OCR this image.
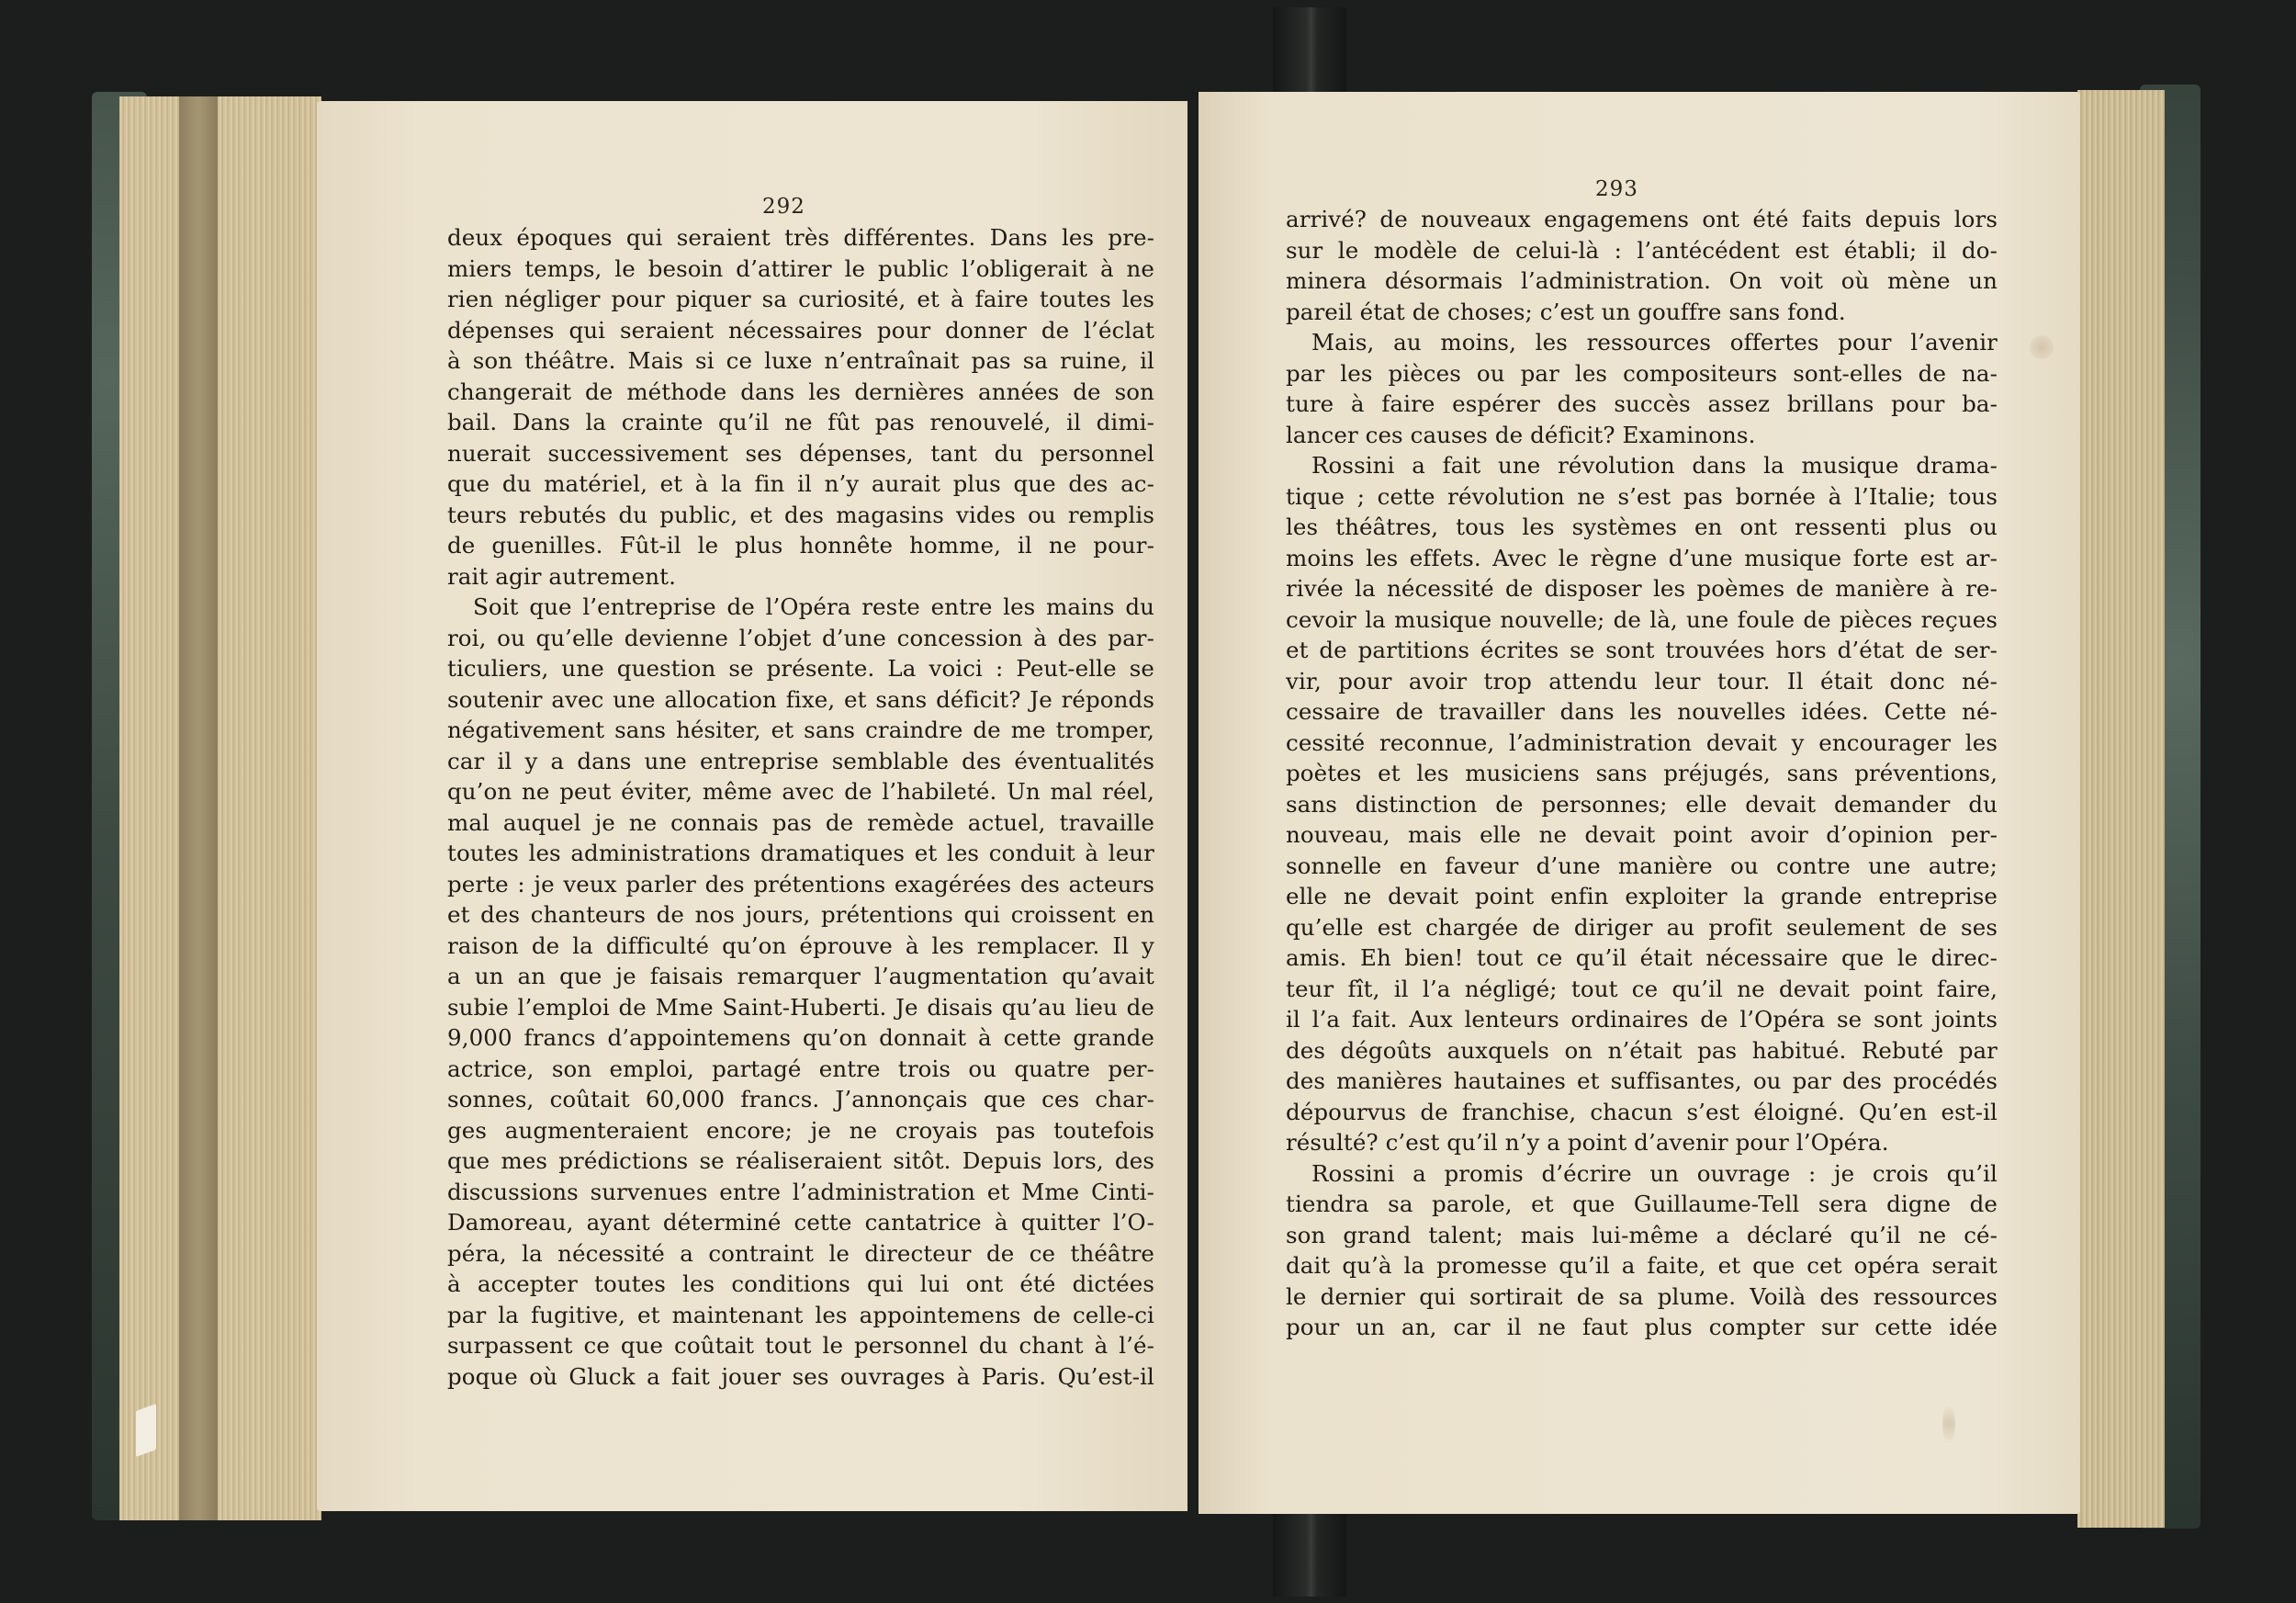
292
deux époques qui seraient très différentes. Dans les pre-
miers temps, le besoin d’attirer le public l’obligerait à ne
rien négliger pour piquer sa curiosité, et à faire toutes les
dépenses qui seraient nécessaires pour donner de l’éclat
à son théâtre. Mais si ce luxe n’entraînait pas sa ruine, il
changerait de méthode dans les dernières années de son
bail. Dans la crainte qu’il ne fût pas renouvelé, il dimi-
nuerait successivement ses dépenses, tant du personnel
que du matériel, et à la fin il n’y aurait plus que des ac-
teurs rebutés du public, et des magasins vides ou remplis
de guenilles. Fût-il le plus honnête homme, il ne pour-
rait agir autrement.
Soit que l’entreprise de l’Opéra reste entre les mains du
roi, ou qu’elle devienne l’objet d’une concession à des par-
ticuliers, une question se présente. La voici : Peut-elle se
soutenir avec une allocation fixe, et sans déficit? Je réponds
négativement sans hésiter, et sans craindre de me tromper,
car il y a dans une entreprise semblable des éventualités
qu’on ne peut éviter, même avec de l’habileté. Un mal réel,
mal auquel je ne connais pas de remède actuel, travaille
toutes les administrations dramatiques et les conduit à leur
perte : je veux parler des prétentions exagérées des acteurs
et des chanteurs de nos jours, prétentions qui croissent en
raison de la difficulté qu’on éprouve à les remplacer. Il y
a un an que je faisais remarquer l’augmentation qu’avait
subie l’emploi de Mme Saint-Huberti. Je disais qu’au lieu de
9,000 francs d’appointemens qu’on donnait à cette grande
actrice, son emploi, partagé entre trois ou quatre per-
sonnes, coûtait 60,000 francs. J’annonçais que ces char-
ges augmenteraient encore; je ne croyais pas toutefois
que mes prédictions se réaliseraient sitôt. Depuis lors, des
discussions survenues entre l’administration et Mme Cinti-
Damoreau, ayant déterminé cette cantatrice à quitter l’O-
péra, la nécessité a contraint le directeur de ce théâtre
à accepter toutes les conditions qui lui ont été dictées
par la fugitive, et maintenant les appointemens de celle-ci
surpassent ce que coûtait tout le personnel du chant à l’é-
poque où Gluck a fait jouer ses ouvrages à Paris. Qu’est-il
293
arrivé? de nouveaux engagemens ont été faits depuis lors
sur le modèle de celui-là : l’antécédent est établi; il do-
minera désormais l’administration. On voit où mène un
pareil état de choses; c’est un gouffre sans fond.
Mais, au moins, les ressources offertes pour l’avenir
par les pièces ou par les compositeurs sont-elles de na-
ture à faire espérer des succès assez brillans pour ba-
lancer ces causes de déficit? Examinons.
Rossini a fait une révolution dans la musique drama-
tique ; cette révolution ne s’est pas bornée à l’Italie; tous
les théâtres, tous les systèmes en ont ressenti plus ou
moins les effets. Avec le règne d’une musique forte est ar-
rivée la nécessité de disposer les poèmes de manière à re-
cevoir la musique nouvelle; de là, une foule de pièces reçues
et de partitions écrites se sont trouvées hors d’état de ser-
vir, pour avoir trop attendu leur tour. Il était donc né-
cessaire de travailler dans les nouvelles idées. Cette né-
cessité reconnue, l’administration devait y encourager les
poètes et les musiciens sans préjugés, sans préventions,
sans distinction de personnes; elle devait demander du
nouveau, mais elle ne devait point avoir d’opinion per-
sonnelle en faveur d’une manière ou contre une autre;
elle ne devait point enfin exploiter la grande entreprise
qu’elle est chargée de diriger au profit seulement de ses
amis. Eh bien! tout ce qu’il était nécessaire que le direc-
teur fît, il l’a négligé; tout ce qu’il ne devait point faire,
il l’a fait. Aux lenteurs ordinaires de l’Opéra se sont joints
des dégoûts auxquels on n’était pas habitué. Rebuté par
des manières hautaines et suffisantes, ou par des procédés
dépourvus de franchise, chacun s’est éloigné. Qu’en est-il
résulté? c’est qu’il n’y a point d’avenir pour l’Opéra.
Rossini a promis d’écrire un ouvrage : je crois qu’il
tiendra sa parole, et que Guillaume-Tell sera digne de
son grand talent; mais lui-même a déclaré qu’il ne cé-
dait qu’à la promesse qu’il a faite, et que cet opéra serait
le dernier qui sortirait de sa plume. Voilà des ressources
pour un an, car il ne faut plus compter sur cette idée
